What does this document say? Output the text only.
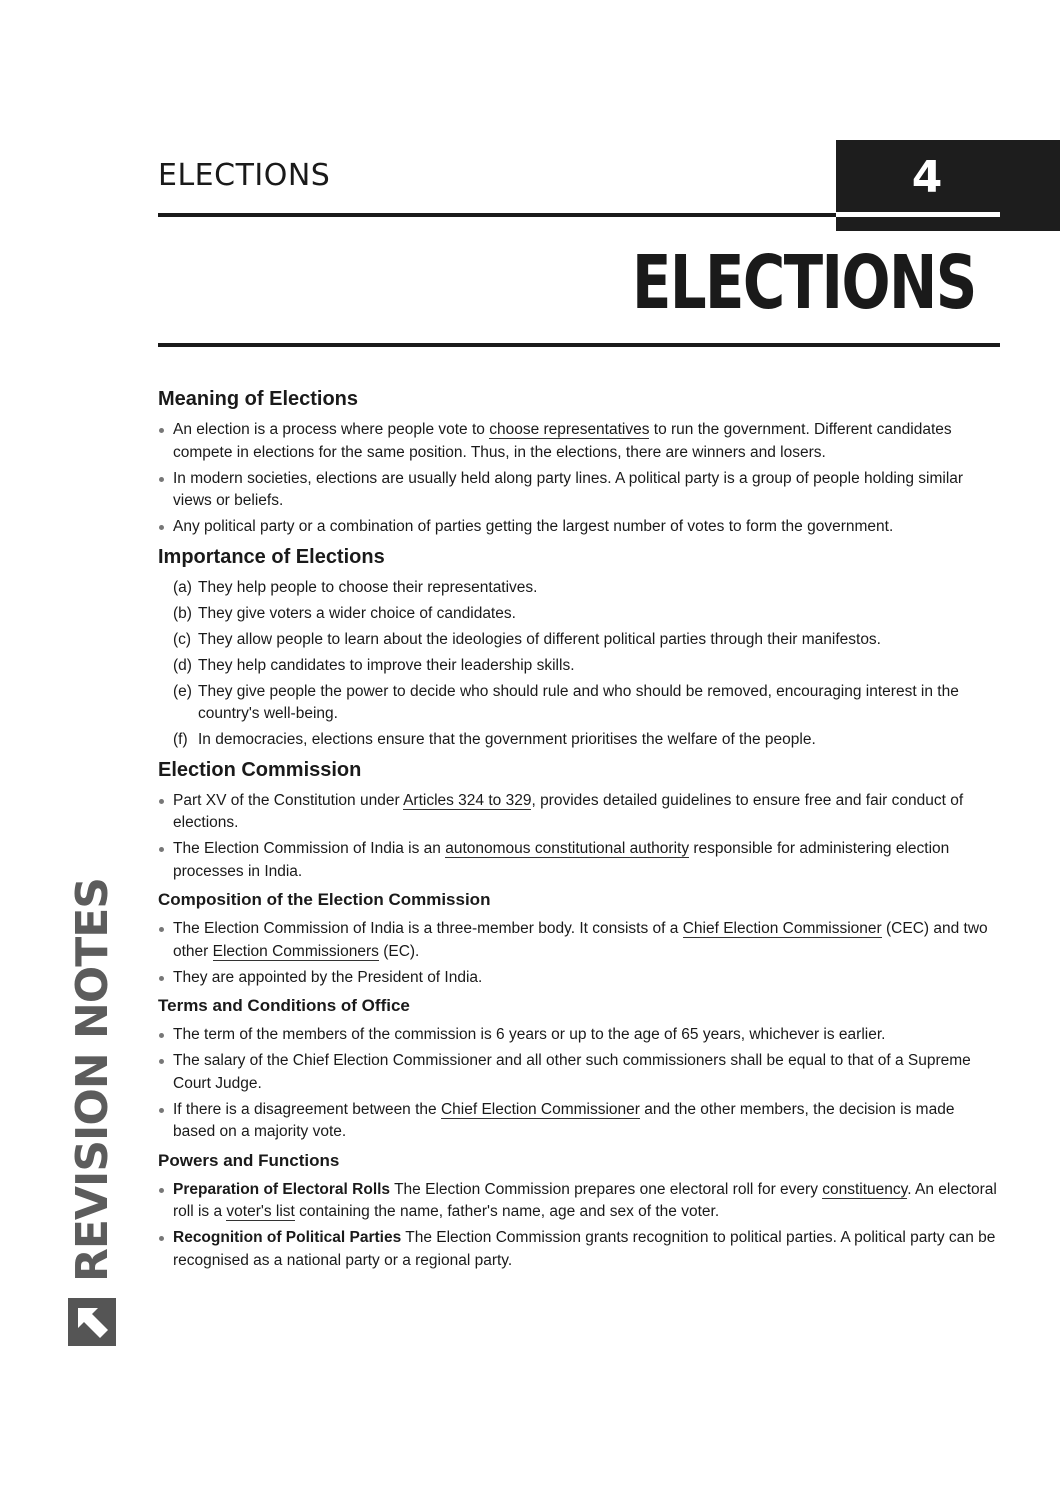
ELECTIONS	4
ELECTIONS
Meaning of Elections
An election is a process where people vote to choose representatives to run the government. Different candidates compete in elections for the same position. Thus, in the elections, there are winners and losers.
In modern societies, elections are usually held along party lines. A political party is a group of people holding similar views or beliefs.
Any political party or a combination of parties getting the largest number of votes to form the government.
Importance of Elections
(a) They help people to choose their representatives.
(b) They give voters a wider choice of candidates.
(c) They allow people to learn about the ideologies of different political parties through their manifestos.
(d) They help candidates to improve their leadership skills.
(e) They give people the power to decide who should rule and who should be removed, encouraging interest in the country's well-being.
(f) In democracies, elections ensure that the government prioritises the welfare of the people.
Election Commission
Part XV of the Constitution under Articles 324 to 329, provides detailed guidelines to ensure free and fair conduct of elections.
The Election Commission of India is an autonomous constitutional authority responsible for administering election processes in India.
Composition of the Election Commission
The Election Commission of India is a three-member body. It consists of a Chief Election Commissioner (CEC) and two other Election Commissioners (EC).
They are appointed by the President of India.
Terms and Conditions of Office
The term of the members of the commission is 6 years or up to the age of 65 years, whichever is earlier.
The salary of the Chief Election Commissioner and all other such commissioners shall be equal to that of a Supreme Court Judge.
If there is a disagreement between the Chief Election Commissioner and the other members, the decision is made based on a majority vote.
Powers and Functions
Preparation of Electoral Rolls The Election Commission prepares one electoral roll for every constituency. An electoral roll is a voter's list containing the name, father's name, age and sex of the voter.
Recognition of Political Parties The Election Commission grants recognition to political parties. A political party can be recognised as a national party or a regional party.
REVISION NOTES
